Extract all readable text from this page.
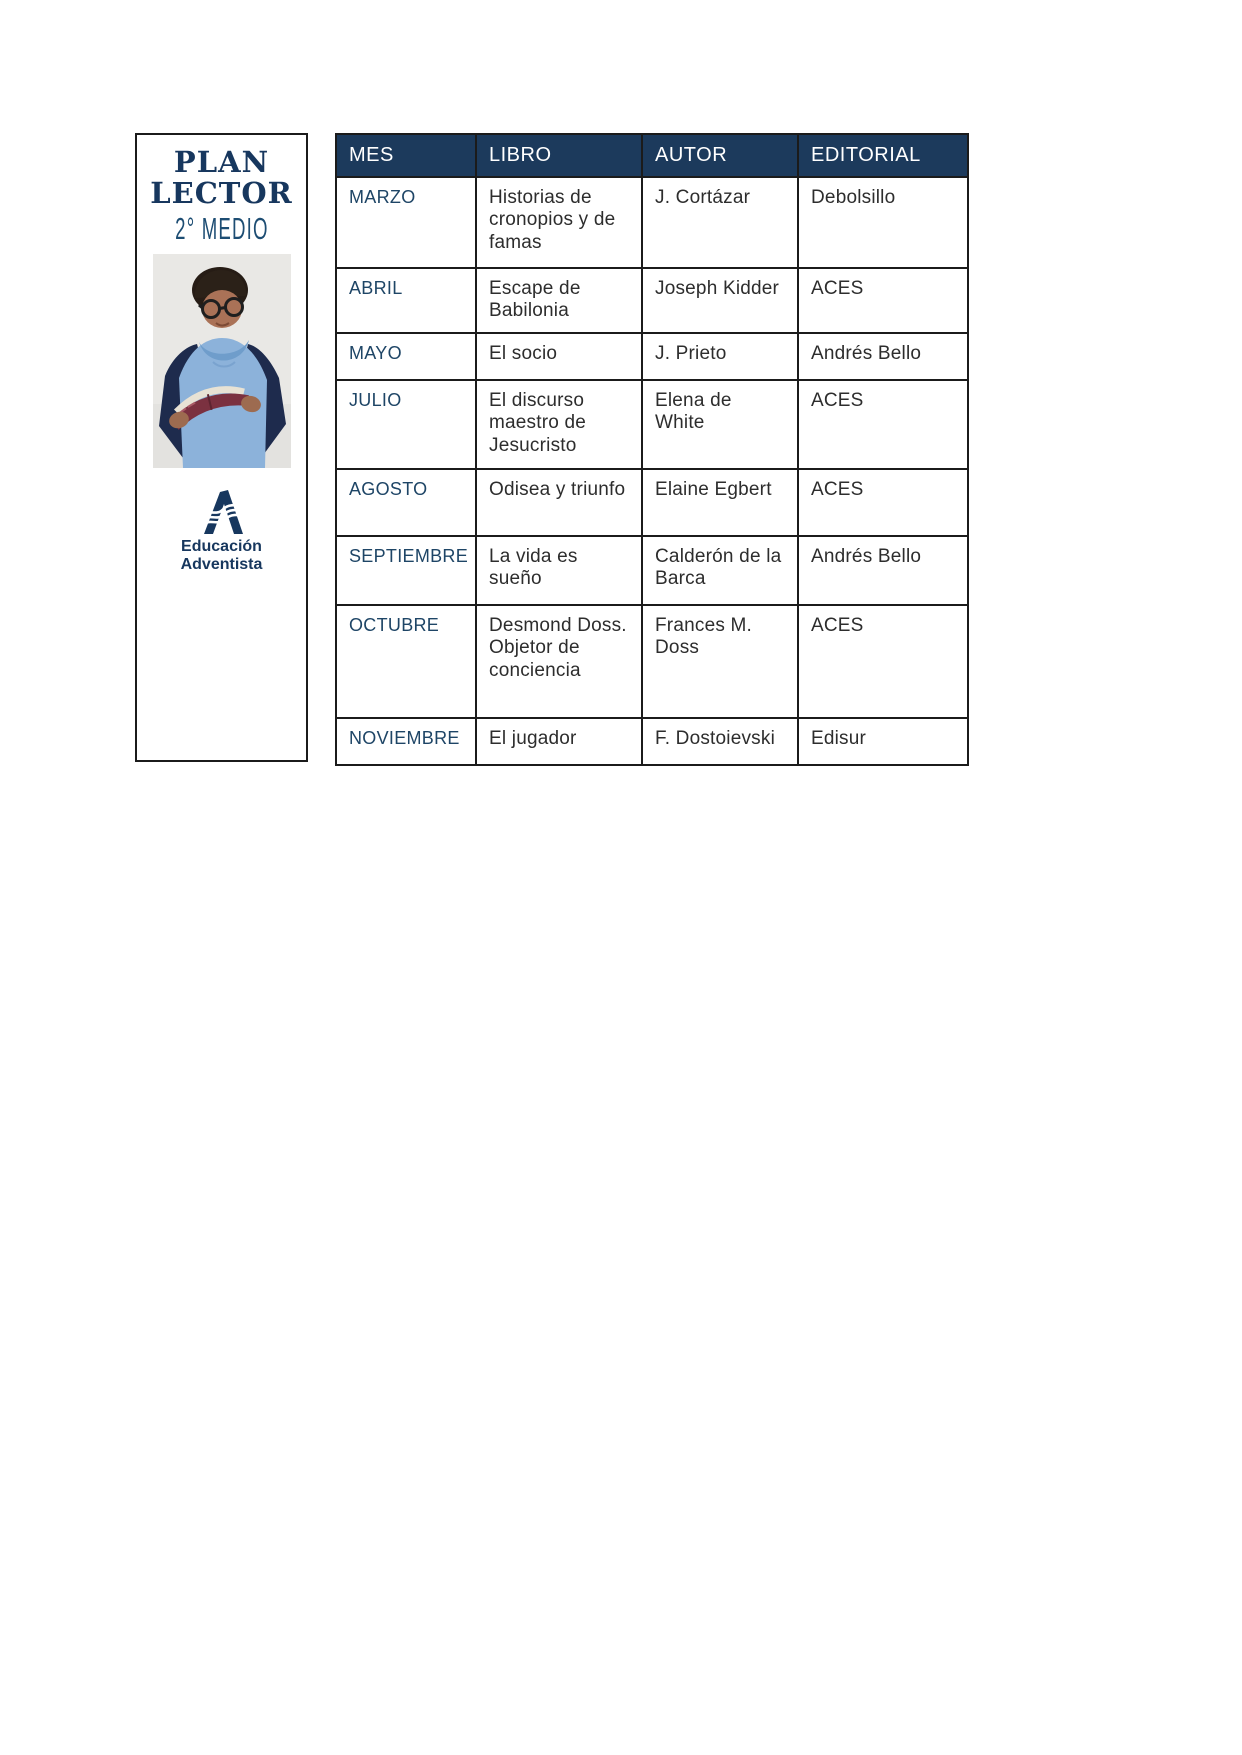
PLAN
LECTOR
2° MEDIO
Educación
Adventista
MES	LIBRO	AUTOR	EDITORIAL
MARZO	Historias de cronopios y de famas	J. Cortázar	Debolsillo
ABRIL	Escape de Babilonia	Joseph Kidder	ACES
MAYO	El socio	J. Prieto	Andrés Bello
JULIO	El discurso maestro de Jesucristo	Elena de White	ACES
AGOSTO	Odisea y triunfo	Elaine Egbert	ACES
SEPTIEMBRE	La vida es sueño	Calderón de la Barca	Andrés Bello
OCTUBRE	Desmond Doss. Objetor de conciencia	Frances M. Doss	ACES
NOVIEMBRE	El jugador	F. Dostoievski	Edisur
